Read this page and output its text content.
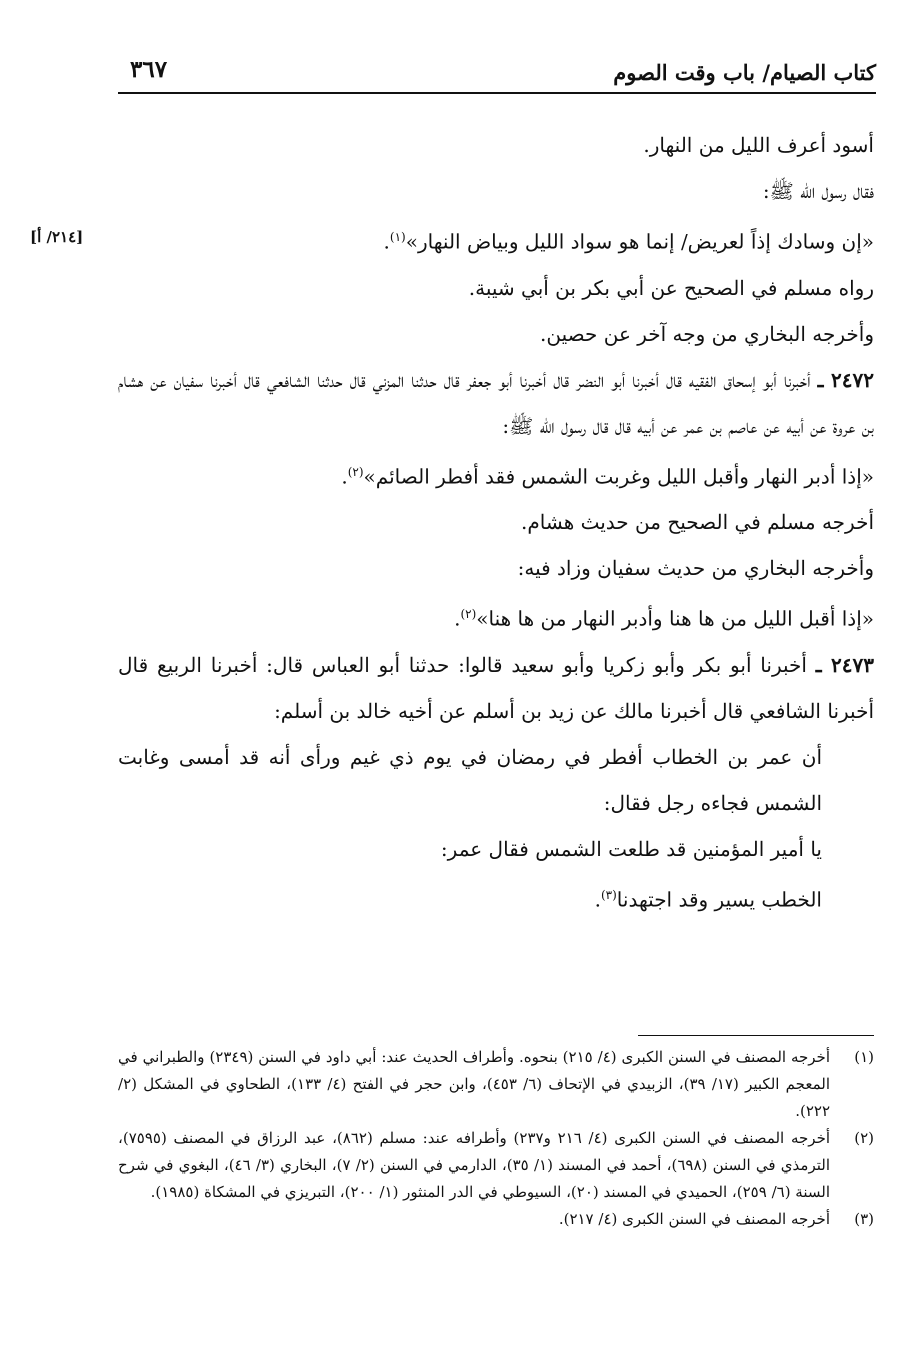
كتاب الصيام/ باب وقت الصوم
٣٦٧

أسود أعرف الليل من النهار.

فقال رسول الله ﷺ:

«إن وسادك إذاً لعريض/ إنما هو سواد الليل وبياض النهار»$^{(١)}$.
[٢١٤/ أ]

رواه مسلم في الصحيح عن أبي بكر بن أبي شيبة.

وأخرجه البخاري من وجه آخر عن حصين.

٢٤٧٢ ـ أخبرنا أبو إسحاق الفقيه قال أخبرنا أبو النضر قال أخبرنا أبو جعفر قال حدثنا المزني قال حدثنا الشافعي قال أخبرنا سفيان عن هشام بن عروة عن أبيه عن عاصم بن عمر عن أبيه قال قال رسول الله ﷺ:

«إذا أدبر النهار وأقبل الليل وغربت الشمس فقد أفطر الصائم»$^{(٢)}$.

أخرجه مسلم في الصحيح من حديث هشام.

وأخرجه البخاري من حديث سفيان وزاد فيه:

«إذا أقبل الليل من ها هنا وأدبر النهار من ها هنا»$^{(٢)}$.

٢٤٧٣ ـ أخبرنا أبو بكر وأبو زكريا وأبو سعيد قالوا: حدثنا أبو العباس قال: أخبرنا الربيع قال أخبرنا الشافعي قال أخبرنا مالك عن زيد بن أسلم عن أخيه خالد بن أسلم:

أن عمر بن الخطاب أفطر في رمضان في يوم ذي غيم ورأى أنه قد أمسى وغابت الشمس فجاءه رجل فقال:

يا أمير المؤمنين قد طلعت الشمس فقال عمر:

الخطب يسير وقد اجتهدنا$^{(٣)}$.

(١)
أخرجه المصنف في السنن الكبرى (٤/ ٢١٥) بنحوه. وأطراف الحديث عند: أبي داود في السنن (٢٣٤٩) والطبراني في المعجم الكبير (١٧/ ٣٩)، الزبيدي في الإتحاف (٦/ ٤٥٣)، وابن حجر في الفتح (٤/ ١٣٣)، الطحاوي في المشكل (٢/ ٢٢٢).

(٢)
أخرجه المصنف في السنن الكبرى (٤/ ٢١٦ و٢٣٧) وأطرافه عند: مسلم (٨٦٢)، عبد الرزاق في المصنف (٧٥٩٥)، الترمذي في السنن (٦٩٨)، أحمد في المسند (١/ ٣٥)، الدارمي في السنن (٢/ ٧)، البخاري (٣/ ٤٦)، البغوي في شرح السنة (٦/ ٢٥٩)، الحميدي في المسند (٢٠)، السيوطي في الدر المنثور (١/ ٢٠٠)، التبريزي في المشكاة (١٩٨٥).

(٣)
أخرجه المصنف في السنن الكبرى (٤/ ٢١٧).
